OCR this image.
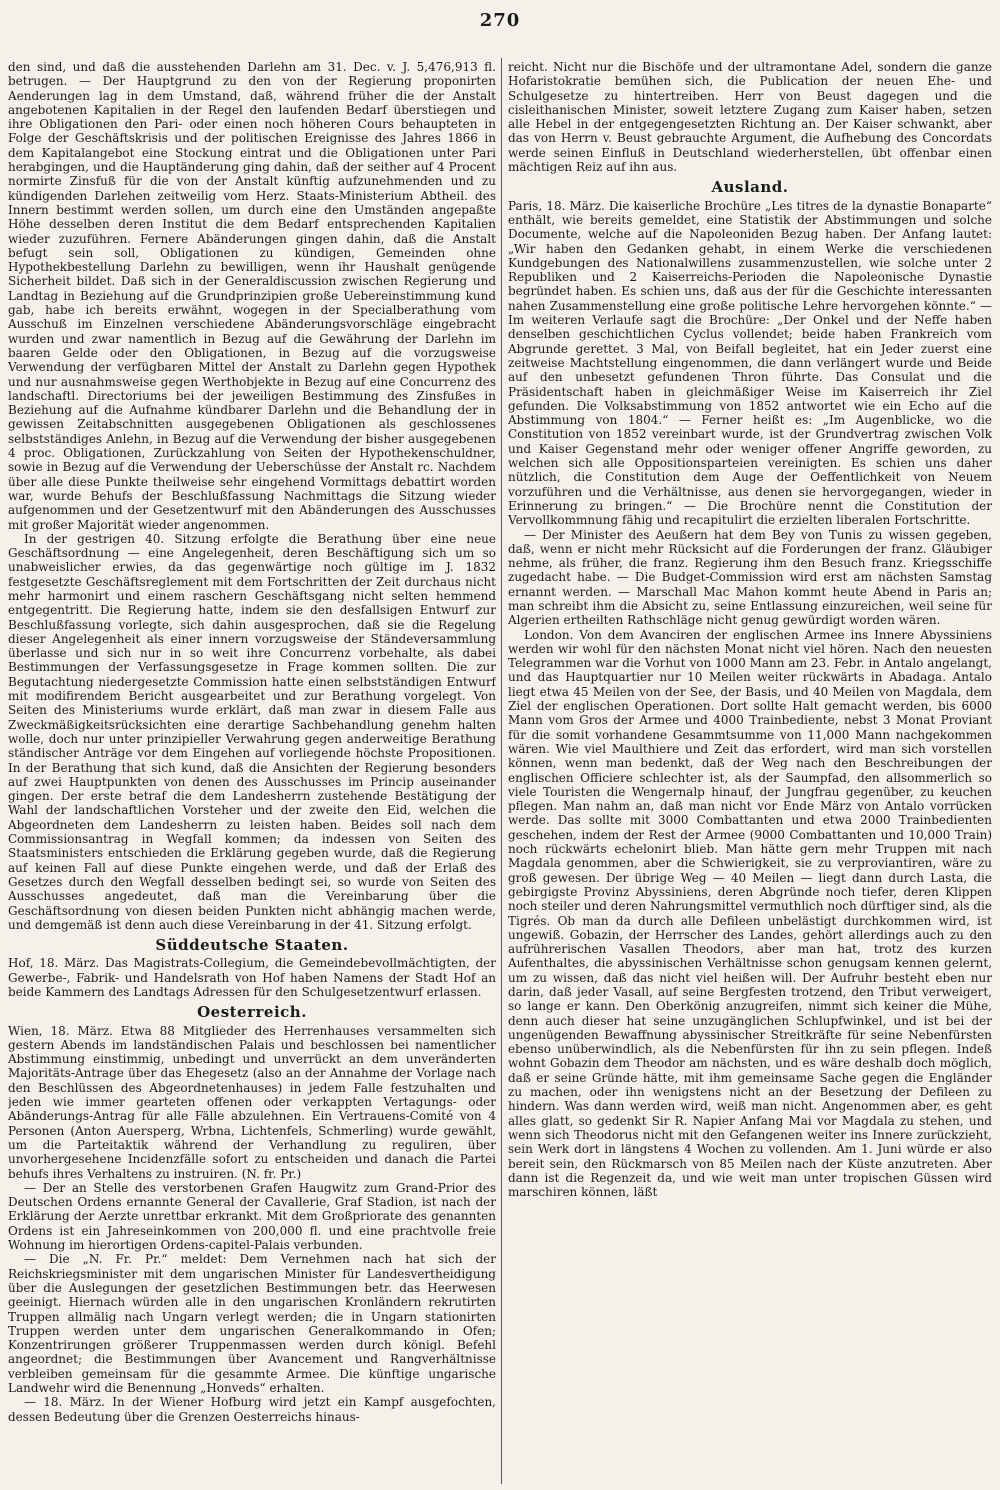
270

den sind, und daß die ausstehenden Darlehn am 31. Dec. v. J. 5,476,913 fl. betrugen. — Der Hauptgrund zu den von der Regierung proponirten Aenderungen lag in dem Umstand, daß, während früher die der Anstalt angebotenen Kapitalien in der Regel den laufenden Bedarf überstiegen und ihre Obligationen den Pari- oder einen noch höheren Cours behaupteten in Folge der Geschäftskrisis und der politischen Ereignisse des Jahres 1866 in dem Kapitalangebot eine Stockung eintrat und die Obligationen unter Pari herabgingen, und die Hauptänderung ging dahin, daß der seither auf 4 Procent normirte Zinsfuß für die von der Anstalt künftig aufzunehmenden und zu kündigenden Darlehen zeitweilig vom Herz. Staats-Ministerium Abtheil. des Innern bestimmt werden sollen, um durch eine den Umständen angepaßte Höhe desselben deren Institut die dem Bedarf entsprechenden Kapitalien wieder zuzuführen. Fernere Abänderungen gingen dahin, daß die Anstalt befugt sein soll, Obligationen zu kündigen, Gemeinden ohne Hypothekbestellung Darlehn zu bewilligen, wenn ihr Haushalt genügende Sicherheit bildet. Daß sich in der Generaldiscussion zwischen Regierung und Landtag in Beziehung auf die Grundprinzipien große Uebereinstimmung kund gab, habe ich bereits erwähnt, wogegen in der Specialberathung vom Ausschuß im Einzelnen verschiedene Abänderungsvorschläge eingebracht wurden und zwar namentlich in Bezug auf die Gewährung der Darlehn im baaren Gelde oder den Obligationen, in Bezug auf die vorzugsweise Verwendung der verfügbaren Mittel der Anstalt zu Darlehn gegen Hypothek und nur ausnahmsweise gegen Werthobjekte in Bezug auf eine Concurrenz des landschaftl. Directoriums bei der jeweiligen Bestimmung des Zinsfußes in Beziehung auf die Aufnahme kündbarer Darlehn und die Behandlung der in gewissen Zeitabschnitten ausgegebenen Obligationen als geschlossenes selbstständiges Anlehn, in Bezug auf die Verwendung der bisher ausgegebenen 4 proc. Obligationen, Zurückzahlung von Seiten der Hypothekenschuldner, sowie in Bezug auf die Verwendung der Ueberschüsse der Anstalt rc. Nachdem über alle diese Punkte theilweise sehr eingehend Vormittags debattirt worden war, wurde Behufs der Beschlußfassung Nachmittags die Sitzung wieder aufgenommen und der Gesetzentwurf mit den Abänderungen des Ausschusses mit großer Majorität wieder angenommen.

In der gestrigen 40. Sitzung erfolgte die Berathung über eine neue Geschäftsordnung — eine Angelegenheit, deren Beschäftigung sich um so unabweislicher erwies, da das gegenwärtige noch gültige im J. 1832 festgesetzte Geschäftsreglement mit dem Fortschritten der Zeit durchaus nicht mehr harmonirt und einem raschern Geschäftsgang nicht selten hemmend entgegentritt. Die Regierung hatte, indem sie den desfallsigen Entwurf zur Beschlußfassung vorlegte, sich dahin ausgesprochen, daß sie die Regelung dieser Angelegenheit als einer innern vorzugsweise der Ständeversammlung überlasse und sich nur in so weit ihre Concurrenz vorbehalte, als dabei Bestimmungen der Verfassungsgesetze in Frage kommen sollten. Die zur Begutachtung niedergesetzte Commission hatte einen selbstständigen Entwurf mit modifirendem Bericht ausgearbeitet und zur Berathung vorgelegt. Von Seiten des Ministeriums wurde erklärt, daß man zwar in diesem Falle aus Zweckmäßigkeitsrücksichten eine derartige Sachbehandlung genehm halten wolle, doch nur unter prinzipieller Verwahrung gegen anderweitige Berathung ständischer Anträge vor dem Eingehen auf vorliegende höchste Propositionen. In der Berathung that sich kund, daß die Ansichten der Regierung besonders auf zwei Hauptpunkten von denen des Ausschusses im Princip auseinander gingen. Der erste betraf die dem Landesherrn zustehende Bestätigung der Wahl der landschaftlichen Vorsteher und der zweite den Eid, welchen die Abgeordneten dem Landesherrn zu leisten haben. Beides soll nach dem Commissionsantrag in Wegfall kommen; da indessen von Seiten des Staatsministers entschieden die Erklärung gegeben wurde, daß die Regierung auf keinen Fall auf diese Punkte eingehen werde, und daß der Erlaß des Gesetzes durch den Wegfall desselben bedingt sei, so wurde von Seiten des Ausschusses angedeutet, daß man die Vereinbarung über die Geschäftsordnung von diesen beiden Punkten nicht abhängig machen werde, und demgemäß ist denn auch diese Vereinbarung in der 41. Sitzung erfolgt.

Süddeutsche Staaten.

Hof, 18. März. Das Magistrats-Collegium, die Gemeindebevollmächtigten, der Gewerbe-, Fabrik- und Handelsrath von Hof haben Namens der Stadt Hof an beide Kammern des Landtags Adressen für den Schulgesetzentwurf erlassen.

Oesterreich.

Wien, 18. März. Etwa 88 Mitglieder des Herrenhauses versammelten sich gestern Abends im landständischen Palais und beschlossen bei namentlicher Abstimmung einstimmig, unbedingt und unverrückt an dem unveränderten Majoritäts-Antrage über das Ehegesetz (also an der Annahme der Vorlage nach den Beschlüssen des Abgeordnetenhauses) in jedem Falle festzuhalten und jeden wie immer gearteten offenen oder verkappten Vertagungs- oder Abänderungs-Antrag für alle Fälle abzulehnen. Ein Vertrauens-Comité von 4 Personen (Anton Auersperg, Wrbna, Lichtenfels, Schmerling) wurde gewählt, um die Parteitaktik während der Verhandlung zu reguliren, über unvorhergesehene Incidenzfälle sofort zu entscheiden und danach die Partei behufs ihres Verhaltens zu instruiren. (N. fr. Pr.)

— Der an Stelle des verstorbenen Grafen Haugwitz zum Grand-Prior des Deutschen Ordens ernannte General der Cavallerie, Graf Stadion, ist nach der Erklärung der Aerzte unrettbar erkrankt. Mit dem Großpriorate des genannten Ordens ist ein Jahreseinkommen von 200,000 fl. und eine prachtvolle freie Wohnung im hierortigen Ordens-capitel-Palais verbunden.

— Die „N. Fr. Pr.“ meldet: Dem Vernehmen nach hat sich der Reichskriegsminister mit dem ungarischen Minister für Landesvertheidigung über die Auslegungen der gesetzlichen Bestimmungen betr. das Heerwesen geeinigt. Hiernach würden alle in den ungarischen Kronländern rekrutirten Truppen allmälig nach Ungarn verlegt werden; die in Ungarn stationirten Truppen werden unter dem ungarischen Generalkommando in Ofen; Konzentrirungen größerer Truppenmassen werden durch königl. Befehl angeordnet; die Bestimmungen über Avancement und Rangverhältnisse verbleiben gemeinsam für die gesammte Armee. Die künftige ungarische Landwehr wird die Benennung „Honveds“ erhalten.

— 18. März. In der Wiener Hofburg wird jetzt ein Kampf ausgefochten, dessen Bedeutung über die Grenzen Oesterreichs hinaus-

reicht. Nicht nur die Bischöfe und der ultramontane Adel, sondern die ganze Hofaristokratie bemühen sich, die Publication der neuen Ehe- und Schulgesetze zu hintertreiben. Herr von Beust dagegen und die cisleithanischen Minister, soweit letztere Zugang zum Kaiser haben, setzen alle Hebel in der entgegengesetzten Richtung an. Der Kaiser schwankt, aber das von Herrn v. Beust gebrauchte Argument, die Aufhebung des Concordats werde seinen Einfluß in Deutschland wiederherstellen, übt offenbar einen mächtigen Reiz auf ihn aus.

Ausland.

Paris, 18. März. Die kaiserliche Brochüre „Les titres de la dynastie Bonaparte“ enthält, wie bereits gemeldet, eine Statistik der Abstimmungen und solche Documente, welche auf die Napoleoniden Bezug haben. Der Anfang lautet: „Wir haben den Gedanken gehabt, in einem Werke die verschiedenen Kundgebungen des Nationalwillens zusammenzustellen, wie solche unter 2 Republiken und 2 Kaiserreichs-Perioden die Napoleonische Dynastie begründet haben. Es schien uns, daß aus der für die Geschichte interessanten nahen Zusammenstellung eine große politische Lehre hervorgehen könnte.“ — Im weiteren Verlaufe sagt die Brochüre: „Der Onkel und der Neffe haben denselben geschichtlichen Cyclus vollendet; beide haben Frankreich vom Abgrunde gerettet. 3 Mal, von Beifall begleitet, hat ein Jeder zuerst eine zeitweise Machtstellung eingenommen, die dann verlängert wurde und Beide auf den unbesetzt gefundenen Thron führte. Das Consulat und die Präsidentschaft haben in gleichmäßiger Weise im Kaiserreich ihr Ziel gefunden. Die Volksabstimmung von 1852 antwortet wie ein Echo auf die Abstimmung von 1804.“ — Ferner heißt es: „Im Augenblicke, wo die Constitution von 1852 vereinbart wurde, ist der Grundvertrag zwischen Volk und Kaiser Gegenstand mehr oder weniger offener Angriffe geworden, zu welchen sich alle Oppositionsparteien vereinigten. Es schien uns daher nützlich, die Constitution dem Auge der Oeffentlichkeit von Neuem vorzuführen und die Verhältnisse, aus denen sie hervorgegangen, wieder in Erinnerung zu bringen.“ — Die Brochüre nennt die Constitution der Vervollkommnung fähig und recapitulirt die erzielten liberalen Fortschritte.

— Der Minister des Aeußern hat dem Bey von Tunis zu wissen gegeben, daß, wenn er nicht mehr Rücksicht auf die Forderungen der franz. Gläubiger nehme, als früher, die franz. Regierung ihm den Besuch franz. Kriegsschiffe zugedacht habe. — Die Budget-Commission wird erst am nächsten Samstag ernannt werden. — Marschall Mac Mahon kommt heute Abend in Paris an; man schreibt ihm die Absicht zu, seine Entlassung einzureichen, weil seine für Algerien ertheilten Rathschläge nicht genug gewürdigt worden wären.

London. Von dem Avanciren der englischen Armee ins Innere Abyssiniens werden wir wohl für den nächsten Monat nicht viel hören. Nach den neuesten Telegrammen war die Vorhut von 1000 Mann am 23. Febr. in Antalo angelangt, und das Hauptquartier nur 10 Meilen weiter rückwärts in Abadaga. Antalo liegt etwa 45 Meilen von der See, der Basis, und 40 Meilen von Magdala, dem Ziel der englischen Operationen. Dort sollte Halt gemacht werden, bis 6000 Mann vom Gros der Armee und 4000 Trainbediente, nebst 3 Monat Proviant für die somit vorhandene Gesammtsumme von 11,000 Mann nachgekommen wären. Wie viel Maulthiere und Zeit das erfordert, wird man sich vorstellen können, wenn man bedenkt, daß der Weg nach den Beschreibungen der englischen Officiere schlechter ist, als der Saumpfad, den allsommerlich so viele Touristen die Wengernalp hinauf, der Jungfrau gegenüber, zu keuchen pflegen. Man nahm an, daß man nicht vor Ende März von Antalo vorrücken werde. Das sollte mit 3000 Combattanten und etwa 2000 Trainbedienten geschehen, indem der Rest der Armee (9000 Combattanten und 10,000 Train) noch rückwärts echelonirt blieb. Man hätte gern mehr Truppen mit nach Magdala genommen, aber die Schwierigkeit, sie zu verproviantiren, wäre zu groß gewesen. Der übrige Weg — 40 Meilen — liegt dann durch Lasta, die gebirgigste Provinz Abyssiniens, deren Abgründe noch tiefer, deren Klippen noch steiler und deren Nahrungsmittel vermuthlich noch dürftiger sind, als die Tigrés. Ob man da durch alle Defileen unbelästigt durchkommen wird, ist ungewiß. Gobazin, der Herrscher des Landes, gehört allerdings auch zu den aufrührerischen Vasallen Theodors, aber man hat, trotz des kurzen Aufenthaltes, die abyssinischen Verhältnisse schon genugsam kennen gelernt, um zu wissen, daß das nicht viel heißen will. Der Aufruhr besteht eben nur darin, daß jeder Vasall, auf seine Bergfesten trotzend, den Tribut verweigert, so lange er kann. Den Oberkönig anzugreifen, nimmt sich keiner die Mühe, denn auch dieser hat seine unzugänglichen Schlupfwinkel, und ist bei der ungenügenden Bewaffnung abyssinischer Streitkräfte für seine Nebenfürsten ebenso unüberwindlich, als die Nebenfürsten für ihn zu sein pflegen. Indeß wohnt Gobazin dem Theodor am nächsten, und es wäre deshalb doch möglich, daß er seine Gründe hätte, mit ihm gemeinsame Sache gegen die Engländer zu machen, oder ihn wenigstens nicht an der Besetzung der Defileen zu hindern. Was dann werden wird, weiß man nicht. Angenommen aber, es geht alles glatt, so gedenkt Sir R. Napier Anfang Mai vor Magdala zu stehen, und wenn sich Theodorus nicht mit den Gefangenen weiter ins Innere zurückzieht, sein Werk dort in längstens 4 Wochen zu vollenden. Am 1. Juni würde er also bereit sein, den Rückmarsch von 85 Meilen nach der Küste anzutreten. Aber dann ist die Regenzeit da, und wie weit man unter tropischen Güssen wird marschiren können, läßt
